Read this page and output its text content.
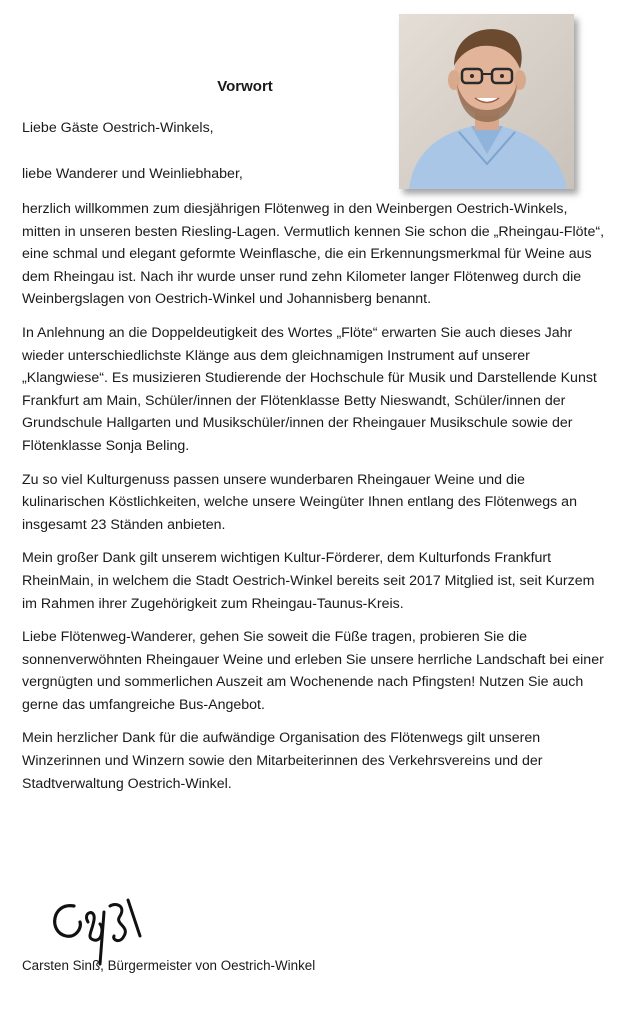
Vorwort

Liebe Gäste Oestrich-Winkels,

liebe Wanderer und Weinliebhaber,

herzlich willkommen zum diesjährigen Flötenweg in den Weinbergen Oestrich-Winkels, mitten in unseren besten Riesling-Lagen. Vermutlich kennen Sie schon die „Rheingau-Flöte“, eine schmal und elegant geformte Weinflasche, die ein Erkennungsmerkmal für Weine aus dem Rheingau ist. Nach ihr wurde unser rund zehn Kilometer langer Flötenweg durch die Weinbergslagen von Oestrich-Winkel und Johannisberg benannt.

In Anlehnung an die Doppeldeutigkeit des Wortes „Flöte“ erwarten Sie auch dieses Jahr wieder unterschiedlichste Klänge aus dem gleichnamigen Instrument auf unserer „Klangwiese“. Es musizieren Studierende der Hochschule für Musik und Darstellende Kunst Frankfurt am Main, Schüler/innen der Flötenklasse Betty Nieswandt, Schüler/innen der Grundschule Hallgarten und Musikschüler/innen der Rheingauer Musikschule sowie der Flötenklasse Sonja Beling.

Zu so viel Kulturgenuss passen unsere wunderbaren Rheingauer Weine und die kulinarischen Köstlichkeiten, welche unsere Weingüter Ihnen entlang des Flötenwegs an insgesamt 23 Ständen anbieten.

Mein großer Dank gilt unserem wichtigen Kultur-Förderer, dem Kulturfonds Frankfurt RheinMain, in welchem die Stadt Oestrich-Winkel bereits seit 2017 Mitglied ist, seit Kurzem im Rahmen ihrer Zugehörigkeit zum Rheingau-Taunus-Kreis.

Liebe Flötenweg-Wanderer, gehen Sie soweit die Füße tragen, probieren Sie die sonnenverwöhnten Rheingauer Weine und erleben Sie unsere herrliche Landschaft bei einer vergnügten und sommerlichen Auszeit am Wochenende nach Pfingsten! Nutzen Sie auch gerne das umfangreiche Bus-Angebot.

Mein herzlicher Dank für die aufwändige Organisation des Flötenwegs gilt unseren Winzerinnen und Winzern sowie den Mitarbeiterinnen des Verkehrsvereins und der Stadtverwaltung Oestrich-Winkel.

Carsten Sinß, Bürgermeister von Oestrich-Winkel
